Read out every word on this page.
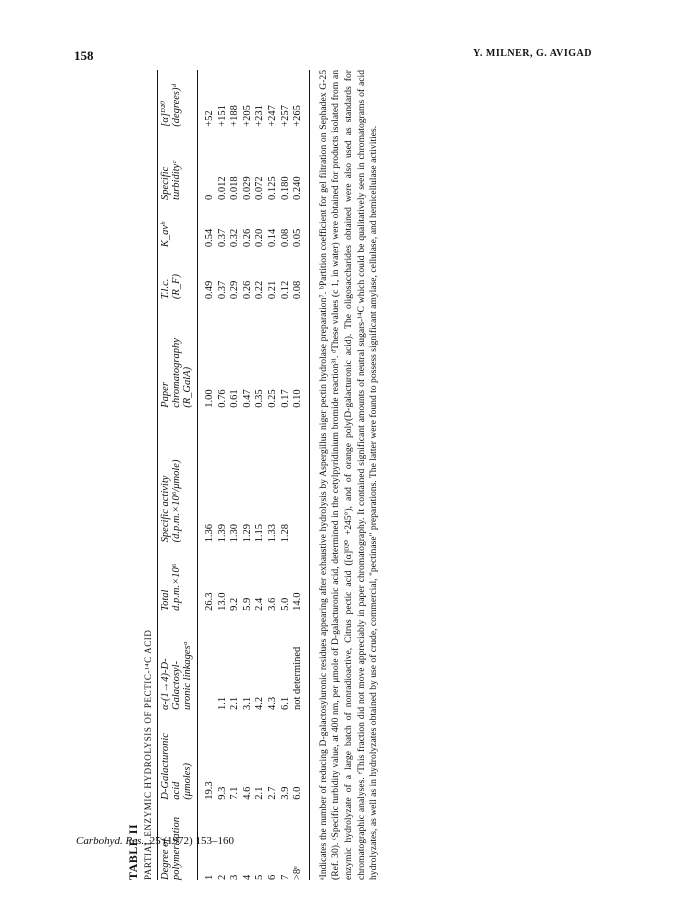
158	Y. MILNER, G. AVIGAD
TABLE II PARTIAL ENZYMIC HYDROLYSIS OF PECTIC-¹⁴C ACID Degree of
polymerization	D-Galacturonic
acid
(μmoles)	α-(1→4)-D-
Galactosyl-
uronic linkagesᵃ	Total
d.p.m.×10⁶	Specific activity
(d.p.m.×10⁶/μmole)	Paper
chromatography
(R_GalA)	T.l.c.
(R_F)	K_avᵇ	Specific
turbidityᶜ	[α]ᴰ²⁰
(degrees)ᵈ
1	19.3		26.3	1.36	1.00	0.49	0.54	0	+52
2	9.3	1.1	13.0	1.39	0.76	0.37	0.37	0.012	+151
3	7.1	2.1	9.2	1.30	0.61	0.29	0.32	0.018	+188
4	4.6	3.1	5.9	1.29	0.47	0.26	0.26	0.029	+205
5	2.1	4.2	2.4	1.15	0.35	0.22	0.20	0.072	+231
6	2.7	4.3	3.6	1.33	0.25	0.21	0.14	0.125	+247
7	3.9	6.1	5.0	1.28	0.17	0.12	0.08	0.180	+257
>8ᵉ	6.0	not determined	14.0		0.10	0.08	0.05	0.240	+265 ᵃIndicates the number of reducing D-galactosyluronic residues appearing after exhaustive hydrolysis by Aspergillus niger pectin hydrolase preparation⁷. ᵇPartition coefficient for gel filtration on Sephadex G-25 (Ref. 30). ᶜSpecific turbidity value, at 400 nm, per μmole of D-galacturonic acid, determined in the cetylpyridinium bromide reaction³¹. ᵈThese values (c 1, in water) were obtained for products isolated from an enzymic hydrolyzate of a large batch of nonradioactive, Citrus pectic acid ([α]ᴰ²⁰ +245°), and of orange poly(D-galacturonic acid). The oligosaccharides obtained were also used as standards for chromatographic analyses. ᵉThis fraction did not move appreciably in paper chromatography. It contained significant amounts of neutral sugars-¹⁴C which could be qualitatively seen in chromatograms of acid hydrolyzates, as well as in hydrolyzates obtained by use of crude, commercial, "pectinase" preparations. The latter were found to possess significant amylase, cellulase, and hemicellulase activities.

Carbohyd. Res., 25 (1972) 153–160
